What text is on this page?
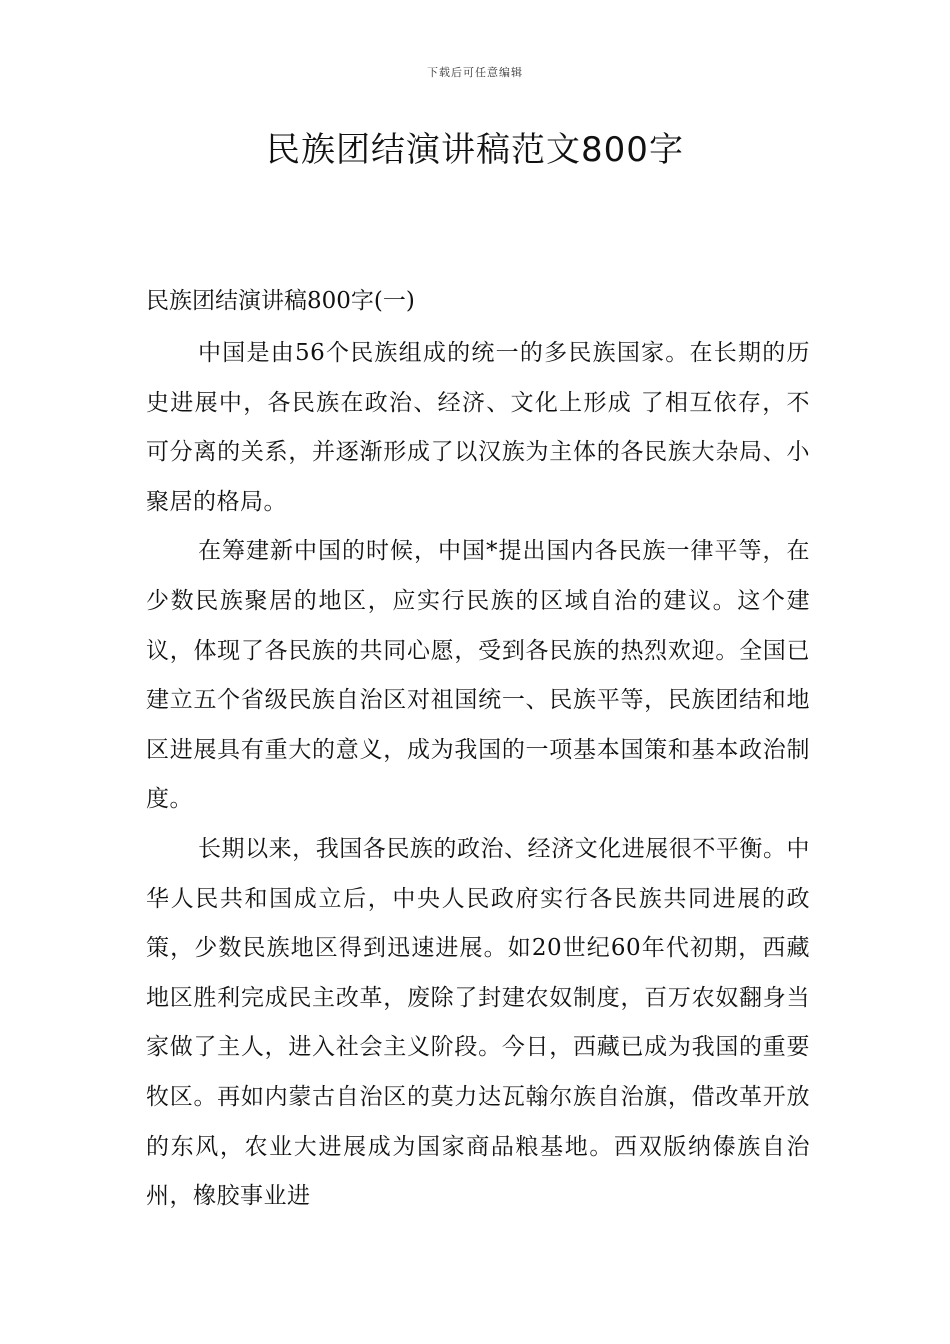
下载后可任意编辑
民族团结演讲稿范文800字
民族团结演讲稿800字(一)

中国是由56个民族组成的统一的多民族国家。在长期的历史进展中，各民族在政治、经济、文化上形成 了相互依存，不可分离的关系，并逐渐形成了以汉族为主体的各民族大杂局、小聚居的格局。

在筹建新中国的时候，中国*提出国内各民族一律平等，在少数民族聚居的地区，应实行民族的区域自治的建议。这个建议，体现了各民族的共同心愿，受到各民族的热烈欢迎。全国已建立五个省级民族自治区对祖国统一、民族平等，民族团结和地区进展具有重大的意义，成为我国的一项基本国策和基本政治制度。

长期以来，我国各民族的政治、经济文化进展很不平衡。中华人民共和国成立后，中央人民政府实行各民族共同进展的政策，少数民族地区得到迅速进展。如20世纪60年代初期，西藏地区胜利完成民主改革，废除了封建农奴制度，百万农奴翻身当家做了主人，进入社会主义阶段。今日，西藏已成为我国的重要牧区。再如内蒙古自治区的莫力达瓦翰尔族自治旗，借改革开放的东风，农业大进展成为国家商品粮基地。西双版纳傣族自治州，橡胶事业进
